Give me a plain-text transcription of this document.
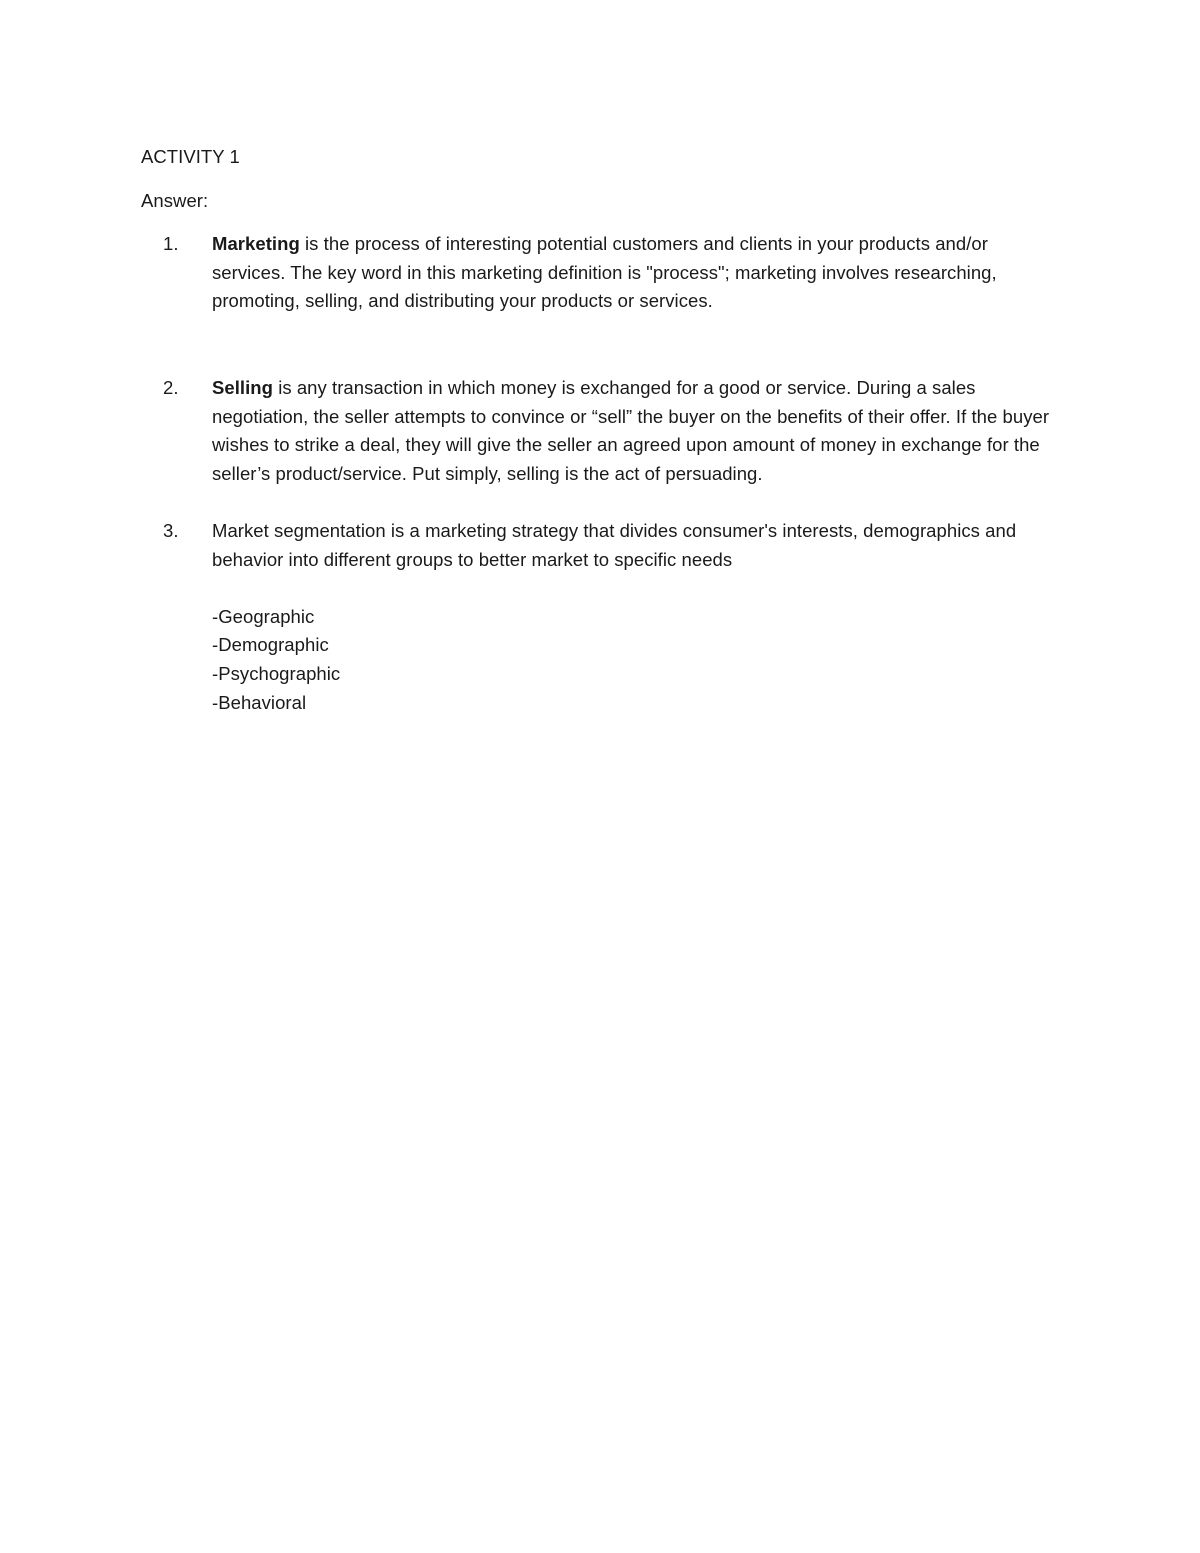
ACTIVITY 1
Answer:
1.	Marketing is the process of interesting potential customers and clients in your products and/or services. The key word in this marketing definition is "process"; marketing involves researching, promoting, selling, and distributing your products or services.
2.	Selling is any transaction in which money is exchanged for a good or service. During a sales negotiation, the seller attempts to convince or “sell” the buyer on the benefits of their offer. If the buyer wishes to strike a deal, they will give the seller an agreed upon amount of money in exchange for the seller’s product/service. Put simply, selling is the act of persuading.
3.	Market segmentation is a marketing strategy that divides consumer's interests, demographics and behavior into different groups to better market to specific needs
-Geographic
-Demographic
-Psychographic
-Behavioral
